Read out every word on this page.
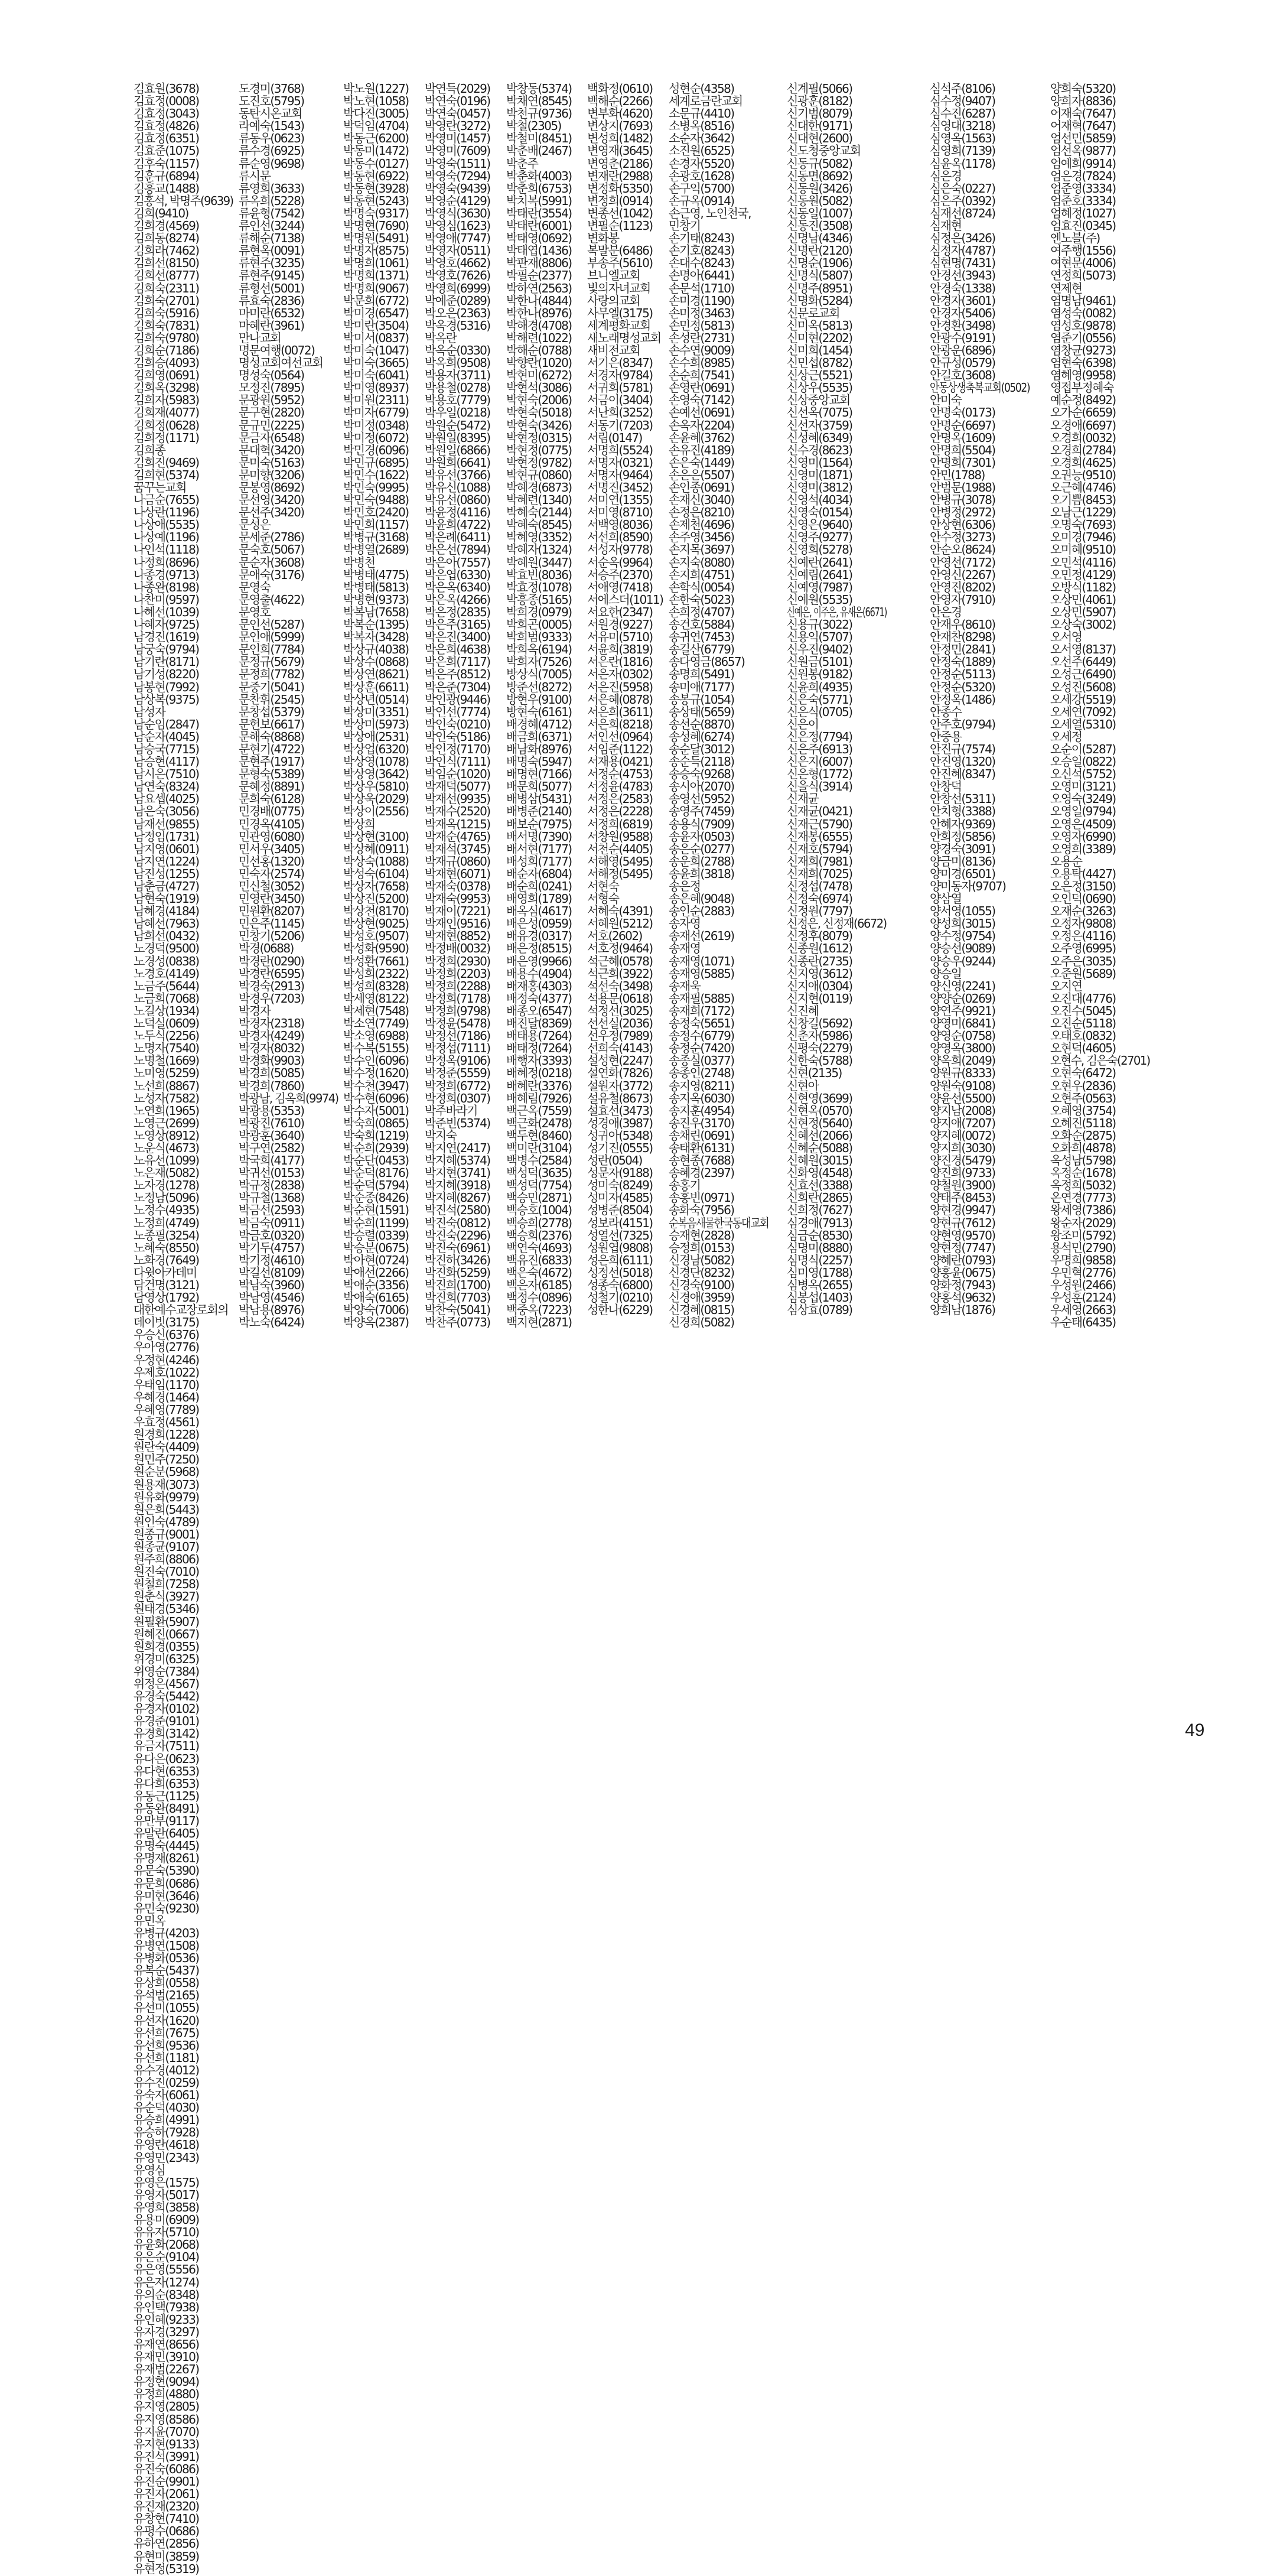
김효원(3678)
김효정(0008)
김효정(3043)
김효정(4826)
김효정(6351)
김효준(1075)
김후숙(1157)
김훈규(6894)
김흥교(1488)
김홍석, 박명주(9639)
김희(9410)
김희경(4569)
김희동(8274)
김희라(7462)
김희선(8150)
김희선(8777)
김희숙(2311)
김희숙(2701)
김희숙(5916)
김희숙(7831)
김희숙(9780)
김희순(7186)
김희승(4093)
김희영(0691)
김희옥(3298)
김희자(5983)
김희재(4077)
김희정(0628)
김희정(1171)
김희종
김희진(9469)
김희현(5374)
꿈꾸는교회
나금순(7655)
나상란(1196)
나상애(5535)
나상예(1196)
나인석(1118)
나정희(8696)
나종경(9713)
나종완(8198)
나찬미(9597)
나혜선(1039)
나혜자(9725)
남경진(1619)
남궁숙(9794)
남기란(8171)
남기성(8220)
남봉현(7992)
남상복(9375)
남성자
남순임(2847)
남순자(4045)
남승국(7715)
남승현(4117)
남시은(7510)
남연숙(8324)
남요셉(4025)
남은숙(3056)
남재선(9855)
남정임(1731)
남지영(0601)
남지연(1224)
남진성(1255)
남춘금(4727)
남현숙(1919)
남혜경(4184)
남혜선(7963)
남희선(0432)
노경덕(9500)
노경성(0838)
노경호(4149)
노금주(5644)
노금희(7068)
노길상(1934)
노덕실(0609)
노두식(2256)
노명자(7540)
노명철(1669)
노미영(5259)
노선희(8867)
노성자(7582)
노연희(1965)
노영근(2699)
노영상(8912)
노운식(4673)
노유선(1099)
노은재(5082)
노자경(1278)
노정남(5096)
노정수(4935)
노정희(4749)
노종필(3254)
노혜숙(8550)
노화경(7649)
다윗아카데미
담건명(3121)
담영상(1792)
대한예수교장로회의
데이빗(3175)
도경미(3768)
도진호(5795)
동탄시온교회
라예숙(1543)
류동우(0623)
류수경(6925)
류순영(9698)
류시문
류영희(3633)
류옥희(5228)
류윤형(7542)
류인선(3244)
류해순(7138)
류현옥(0091)
류현주(3235)
류현주(9145)
류형선(5001)
류효숙(2836)
마미란(6532)
마혜란(3961)
만나교회
명문여행(0072)
명성교회여선교회
명성숙(0564)
모정진(7895)
문광원(5952)
문구현(2820)
문규민(2225)
문금자(6548)
문대혁(3420)
문미숙(5163)
문미향(3206)
문봉영(8692)
문선영(3420)
문선주(3420)
문성은
문세준(2786)
문숙호(5067)
문순자(3608)
문애숙(3176)
문영숙
문영출(4622)
문영호
문인선(5287)
문인애(5999)
문인희(7784)
문정규(5679)
문정희(7782)
문중기(5041)
문찬휘(2545)
문창섭(5379)
문헌보(6617)
문해숙(8868)
문현기(4722)
문현주(1917)
문형숙(5389)
문혜정(8891)
문희숙(6128)
민경배(0775)
민경옥(4105)
민관영(6080)
민서우(3405)
민선홍(1320)
민숙자(2574)
민신철(3052)
민영란(3450)
민원환(8207)
민은주(1145)
민창기(5206)
박경(0688)
박경란(0290)
박경란(6595)
박경숙(2913)
박경우(7203)
박경자
박경자(2318)
박경자(4249)
박경자(8032)
박경화(9903)
박경희(5085)
박경희(7860)
박광남, 김옥희(9974)
박광용(5353)
박광진(7610)
박광훈(3640)
박구연(2582)
박국희(4177)
박귀선(0153)
박규정(2838)
박규철(1368)
박금선(2593)
박금숙(0911)
박금호(0320)
박기두(4757)
박기정(4610)
박길선(8109)
박남숙(3960)
박남영(4546)
박남용(8976)
박노숙(6424)
박노원(1227)
박노현(1058)
박다진(3005)
박덕임(4704)
박동근(6200)
박동미(1472)
박동수(0127)
박동현(6922)
박동현(3928)
박동현(5243)
박명숙(9317)
박명현(7690)
박명원(5491)
박명자(8575)
박명희(1061)
박명희(1371)
박명희(9067)
박문희(6772)
박미경(6547)
박미란(3504)
박미서(0837)
박미숙(1047)
박미숙(3665)
박미숙(6041)
박미영(8937)
박미원(2311)
박미자(6779)
박미정(0348)
박미정(6072)
박민경(6096)
박민규(6895)
박민수(1622)
박민숙(9995)
박민숙(9488)
박민호(2420)
박민희(1157)
박병규(3168)
박병열(2689)
박병천
박병태(4775)
박병태(5813)
박병현(9373)
박복남(7658)
박복순(1395)
박복자(3428)
박상규(4038)
박상수(0868)
박상연(8621)
박상훈(6611)
박상년(0514)
박상미(3351)
박상미(5973)
박상애(2531)
박상업(6320)
박상영(1078)
박상영(3642)
박상우(5810)
박상욱(2029)
박상이(2556)
박상희
박상현(3100)
박상혜(0911)
박상숙(1088)
박성숙(6104)
박상자(7658)
박상진(5200)
박상천(8170)
박상현(9025)
박성호(9507)
박성화(9590)
박성환(7661)
박성희(2322)
박성희(8328)
박세영(8122)
박세현(7548)
박소연(7749)
박소영(6988)
박수복(5155)
박수인(6096)
박수정(1620)
박수천(3947)
박수현(6096)
박수자(5001)
박숙희(0865)
박숙희(1219)
박순희(2939)
박순단(0453)
박순덕(8176)
박순덕(5794)
박순종(8426)
박순현(1591)
박순희(1199)
박승렬(0339)
박승분(0675)
박아현(0724)
박애선(2266)
박애순(3356)
박애숙(6165)
박양숙(7006)
박양옥(2387)
박연득(2029)
박연숙(0196)
박연숙(0457)
박영란(3272)
박영미(1457)
박영미(7609)
박영숙(1511)
박영숙(7294)
박영숙(9439)
박영순(4129)
박영식(3630)
박영심(1623)
박영애(7747)
박영자(0511)
박영호(4662)
박영호(7626)
박영희(6999)
박예준(0289)
박오은(2363)
박옥경(5316)
박옥란
박옥순(0330)
박옥희(9508)
박용자(3711)
박용철(0278)
박용호(7779)
박우일(0218)
박원순(5472)
박원일(8395)
박원일(6866)
박원희(6641)
박유선(3766)
박유신(1088)
박유선(0860)
박윤정(4116)
박윤희(4722)
박은례(6411)
박은선(7894)
박은아(7557)
박은엽(6330)
박은옥(6340)
박은옥(4266)
박은정(2835)
박은주(3165)
박은진(3400)
박은희(4638)
박은희(7117)
박은주(8512)
박은준(7304)
박인광(9446)
박인선(7774)
박인숙(0210)
박인숙(5186)
박인정(7170)
박인식(7111)
박임순(1020)
박재덕(5077)
박재선(9935)
박재수(2520)
박재옥(1215)
박재순(4765)
박재석(3745)
박재규(0860)
박재현(6071)
박재숙(0378)
박재숙(9953)
박재이(7221)
박재인(9516)
박재현(8852)
박정배(0032)
박정희(2930)
박정희(2203)
박정희(2288)
박정희(7178)
박정희(9798)
박정윤(5478)
박정선(7186)
박정섭(7111)
박정옥(9106)
박정준(5559)
박정희(6772)
박정희(0307)
박주바라기
박준빈(5374)
박지숙
박지연(2417)
박지혜(5374)
박지현(3741)
박지혜(3918)
박지혜(8267)
박진석(2580)
박진숙(0812)
박진숙(2296)
박진숙(6961)
박진하(3426)
박진화(5259)
박진희(1700)
박진희(7703)
박찬숙(5041)
박찬주(0773)
박창동(5374)
박채연(8545)
박천규(9736)
박철(2305)
박철미(8451)
박춘배(2467)
박춘주
박춘화(4003)
박춘희(6753)
박치복(5991)
박태란(3554)
박태란(6001)
박태영(0692)
박태엽(1436)
박판재(8806)
박필순(2377)
박하연(2563)
박한나(4844)
박한나(8976)
박해경(4708)
박해련(1022)
박해순(0788)
박향란(1020)
박현미(6272)
박현석(3086)
박현숙(2006)
박현숙(5018)
박현숙(3426)
박현정(0315)
박현정(0775)
박현정(9782)
박현규(0860)
박혜경(6873)
박혜련(1340)
박혜숙(2144)
박혜숙(8545)
박혜영(3352)
박혜자(1324)
박혜원(3447)
박효빈(8036)
박효정(1078)
박흥종(5165)
박희경(0979)
박희곤(0005)
박희범(9333)
박희옥(6194)
박희자(7526)
방상식(7005)
방준선(8272)
방현우(9100)
방현숙(6161)
배경혜(4712)
배금희(6371)
배남화(8976)
배명숙(5947)
배명현(7166)
배문희(5077)
배병삼(5431)
배병준(2140)
배보순(7975)
배서명(7390)
배서현(7177)
배성희(7177)
배순자(6804)
배순희(0241)
배영희(1789)
배옥심(4617)
배은성(0959)
배유경(0317)
배은정(8515)
배은영(9966)
배용수(4904)
배재홍(4303)
배정숙(4377)
배종오(6547)
배진달(8369)
배태용(7264)
배태정(7264)
배행자(3393)
배혜정(0218)
배혜란(3376)
배혜림(7926)
백근옥(7559)
백근화(2478)
백두현(8460)
백미란(3104)
백병수(2584)
백성덕(3635)
백성덕(7754)
백승민(2871)
백승호(1004)
백승희(2778)
백승희(2376)
백연숙(4693)
백유진(6833)
백은숙(4672)
백은자(6185)
백정수(0896)
백중옥(7223)
백지현(2871)
백화정(0610)
백해순(2266)
변부화(4620)
변상지(7693)
변성희(1482)
변영재(3645)
변영춘(2186)
변재란(2988)
변정화(5350)
변정희(0914)
변종선(1042)
변필순(1123)
변화봉
복말분(6486)
부송주(5610)
브니엘교회
빛의자녀교회
사랑의교회
사무엘(3175)
세계평화교회
새노래명성교회
새비전교회
서기은(8347)
서경자(9784)
서귀희(5781)
서금이(3404)
서난희(3252)
서동기(7203)
서림(0147)
서명희(5524)
서명자(0321)
서명자(9464)
서명진(3452)
서미연(1355)
서미영(8710)
서백영(8036)
서선희(8590)
서성자(9778)
서순옥(9964)
서승주(2370)
서애영(7418)
서에스더(1011)
서요한(2347)
서원경(9227)
서유미(5710)
서윤희(3819)
서은란(1816)
서은자(0302)
서은진(5958)
서은혜(0878)
서은희(3611)
서은희(8218)
서인선(0964)
서임준(1122)
서재용(0421)
서정순(4753)
서정윤(4783)
서정은(2583)
서정은(2228)
서정희(6819)
서창원(9588)
서천순(4405)
서해영(5495)
서해정(5495)
서현숙
서형숙
서혜숙(4391)
서혜원(5212)
서호(2602)
서호정(9464)
석근혜(0578)
석근희(3922)
석선숙(3498)
석용문(0618)
석정선(3025)
선선실(2036)
선우정(7989)
선희숙(4143)
설성현(2247)
설연화(7826)
설원자(3772)
설유철(8673)
설효선(3473)
성경애(3987)
성귀아(5348)
성기진(0555)
성란(0504)
성문자(9188)
성미숙(8249)
성미자(4585)
성병준(8504)
성보라(4151)
성열선(7325)
성원엽(9808)
성은희(6111)
성정선(5018)
성종숙(6800)
성철기(0210)
성한나(6229)
성현순(4358)
세계로금란교회
소문규(4410)
소병옥(8516)
소순자(3642)
소진원(6525)
손경자(5520)
손광호(1628)
손구익(5700)
손규옥(0914)
손근영, 노인천국,
민창기
손기태(8243)
손기호(8243)
손대수(8243)
손명아(6441)
손문석(1710)
손미경(1190)
손미정(3463)
손민정(5813)
손성란(2731)
손수연(9009)
손수희(8985)
손순희(7541)
손영란(0691)
손영숙(7142)
손예선(0691)
손옥자(2204)
손윤혜(3762)
손유진(4189)
손은숙(1449)
손은은(5507)
손인종(0691)
손재신(3040)
손정은(8210)
손제천(4696)
손주영(3456)
손지목(3697)
손지숙(8080)
손지희(4751)
손학식(0054)
손한숙(5023)
손희정(4707)
송건호(5884)
송귀연(7453)
송길산(6779)
송다영금(8657)
송명희(5491)
송미애(7177)
송봉규(1054)
송상태(5659)
송선순(8870)
송성혜(6274)
송순달(3012)
송순득(2118)
송승숙(9268)
송시아(2070)
송영선(5952)
송영주(7459)
송용식(7909)
송윤자(0503)
송은순(0277)
송운희(2788)
송윤희(3818)
송은정
송은혜(9048)
송인순(2883)
송자영
송재선(2619)
송재영
송재영(1071)
송재영(5885)
송재욱
송재필(5885)
송재희(7172)
송정숙(5651)
송정수(6779)
송정순(7420)
송종실(0377)
송종인(2748)
송지영(8211)
송지옥(6030)
송지훈(4954)
송진우(3170)
송채린(0691)
송태환(6131)
송현종(7688)
송혜경(2397)
송홍기
송홍빈(0971)
송화숙(7956)
순복음새물한국동대교회
승재현(2828)
승정희(0153)
신경남(5082)
신경단(8232)
신경숙(9100)
신경애(3959)
신경혜(0815)
신경희(5082)
신계필(5066)
신광훈(8182)
신기범(8079)
신대한(9171)
신대현(2600)
신도청중앙교회
신동규(5082)
신동면(8692)
신동원(3426)
신동원(5082)
신동일(1007)
신동진(3508)
신명남(4346)
신명란(2120)
신명순(1906)
신명식(5807)
신명주(8951)
신명화(5284)
신문로교회
신미옥(5813)
신미현(2202)
신미희(1454)
신민섭(8782)
신상근(5521)
신상우(5535)
신상중앙교회
신선옥(7075)
신선자(3759)
신성혜(6349)
신수경(8623)
신영미(1564)
신영미(1871)
신영미(3812)
신영석(4034)
신영숙(0154)
신영은(9640)
신영주(9277)
신영희(5278)
신예란(2641)
신예림(2641)
신예영(7987)
신예원(5535)
신예은, 이주은, 유새은(6671)
신용규(3022)
신용익(5707)
신우진(9402)
신원금(5101)
신원봉(9182)
신윤희(4935)
신은숙(5771)
신은식(0705)
신은이
신은정(7794)
신은주(6913)
신은지(6007)
신은형(1772)
신을식(3914)
신재균
신재균(0421)
신재근(5790)
신재봉(6555)
신재호(5794)
신재희(7981)
신재희(7025)
신정섭(7478)
신정숙(6974)
신정원(7797)
신정은, 신정재(6672)
신정후(8079)
신종원(1612)
신종란(2735)
신지영(3612)
신지애(0304)
신지현(0119)
신진혜
신창길(5692)
신춘자(5986)
신평숙(2279)
신한숙(5788)
신현(2135)
신현아
신현영(3699)
신현옥(0570)
신현정(5640)
신혜선(2066)
신혜순(5088)
신혜원(3015)
신화영(4548)
신효선(3388)
신희란(2865)
신희정(7627)
심경애(7913)
심금순(8530)
심명미(8880)
심명식(2257)
심미영(1788)
심병옥(2655)
심봉섭(1403)
심상효(0789)
심석주(8106)
심수정(9407)
심수진(6287)
심영대(3218)
심영옥(1563)
심영희(7139)
심윤옥(1178)
심은경
심은숙(0227)
심은주(0392)
심재선(8724)
심재현
심정은(3426)
심정자(4787)
심현명(7431)
안경선(3943)
안경숙(1338)
안경자(3601)
안경자(5406)
안경환(3498)
안광수(9191)
안광운(6896)
안규성(0579)
안길호(3608)
안동상생축복교회(0502)
안미숙
안명숙(0173)
안명순(6697)
안명옥(1609)
안명희(5504)
안명희(7301)
안민(1788)
안범문(1988)
안병규(3078)
안병정(2972)
안상현(6306)
안수정(3273)
안순오(8624)
안영선(7172)
안영신(2267)
안영진(8202)
안영자(7910)
안은경
안재우(8610)
안재찬(8298)
안정민(2841)
안정숙(1889)
안정순(5113)
안정순(5320)
안정옥(1486)
안종수
안주호(9794)
안중용
안진규(7574)
안진영(1320)
안진혜(8347)
안창덕
안창선(5311)
안치형(3388)
안혜자(9369)
안희정(5856)
양경숙(3091)
양금미(8136)
양미경(6501)
양미동자(9707)
양삼열
양서영(1055)
양성희(3015)
양수정(9754)
양승선(9089)
양승우(9244)
양승일
양신영(2241)
양양순(0269)
양연주(9921)
양영미(6841)
양영순(0758)
양영옥(3800)
양옥희(2049)
양원규(8333)
양원숙(9108)
양윤선(5500)
양지남(2008)
양지애(7207)
양지혜(0072)
양지희(3030)
양진경(5479)
양진희(9733)
양철원(3900)
양태주(8453)
양현경(9947)
양현규(7612)
양현영(9570)
양현정(7747)
양혜란(0793)
양홍윤(0675)
양화정(7943)
양홍석(9632)
양희남(1876)
양희숙(5320)
양희자(8836)
어재숙(7647)
어재혁(7647)
엄선민(5859)
엄선옥(9877)
엄예희(9914)
엄은경(7824)
엄준영(3334)
엄준호(3334)
엄혜정(1027)
엄효진(0345)
엔노블(주)
여주행(1556)
여현문(4006)
연정희(5073)
연제현
염명남(9461)
염성숙(0082)
염성호(9878)
염준기(0556)
염창균(9273)
염현숙(6398)
염혜영(9958)
영접부정혜숙
예순정(8492)
오가순(6659)
오경애(6697)
오경희(0032)
오경희(2784)
오경희(4625)
오권능(9510)
오근혜(4746)
오기쁨(8453)
오남근(1229)
오명숙(7693)
오미경(7946)
오미혜(9510)
오민석(4116)
오민정(4129)
오방식(1182)
오상민(4061)
오상민(5907)
오상숙(3002)
오서영
오서영(8137)
오선주(6449)
오성근(6490)
오성진(5608)
오세강(5519)
오세연(7092)
오세열(5310)
오세정
오순이(5287)
오승일(0822)
오신석(5752)
오영미(3121)
오영숙(3249)
오영일(9794)
오영은(4509)
오영자(6990)
오영희(3389)
오용순
오용탁(4427)
오은정(3150)
오인덕(0690)
오재순(3263)
오정자(9808)
오정은(4116)
오주영(6995)
오주은(3035)
오준원(5689)
오지연
오진대(4776)
오진수(5045)
오진순(5118)
오태호(0832)
오현덕(4605)
오현수, 김은숙(2701)
오현숙(6472)
오현우(2836)
오현주(0563)
오혜영(3754)
오혜진(5118)
오화순(2875)
오화희(4878)
옥성남(5798)
옥정순(1678)
옥정희(5032)
온연경(7773)
왕세영(7386)
왕순자(2029)
왕조미(5792)
용석민(2790)
우명희(9858)
우민혁(2776)
우성원(2466)
우성훈(2124)
우세영(2663)
우순태(6435)
우승신(6376)
우아영(2776)
우정현(4246)
우제호(1022)
우태임(1170)
우혜경(1464)
우혜영(7789)
우효정(4561)
원경희(1228)
원란숙(4409)
원민주(7250)
원순분(5968)
원용재(3073)
원유화(9979)
원은희(5443)
원인숙(4789)
원종규(9001)
원종균(9107)
원주희(8806)
원진숙(7010)
원철희(7258)
원춘식(3927)
원태경(5346)
원필환(5907)
원혜진(0667)
원희경(0355)
위경미(6325)
위영순(7384)
위정은(4567)
유경숙(5442)
유경자(0102)
유경준(9101)
유경희(3142)
유금자(7511)
유다은(0623)
유다현(6353)
유다희(6353)
유동근(1125)
유동완(8491)
유만부(9117)
유말란(6405)
유명숙(4445)
유명재(8261)
유문숙(5390)
유문희(0686)
유미현(3646)
유민숙(9230)
유민옥
유병규(4203)
유병연(1508)
유병화(0536)
유복순(5437)
유상희(0558)
유석범(2165)
유선미(1055)
유선자(1620)
유선희(7675)
유선희(9536)
유선희(1181)
유수경(4012)
유수진(0259)
유숙자(6061)
유순덕(4030)
유승희(4991)
유승하(7928)
유영란(4618)
유영민(2343)
유영심
유영은(1575)
유영자(5017)
유영희(3858)
유용미(6909)
유유자(5710)
유윤화(2068)
유은순(9104)
유은영(5556)
유은자(1274)
유의순(8348)
유인택(7938)
유인혜(9233)
유자경(3297)
유재연(8656)
유재민(3910)
유재범(2267)
유정현(9094)
유정희(4880)
유지영(2805)
유지영(8586)
유지윤(7070)
유지현(9133)
유진석(3991)
유진숙(6086)
유진순(9901)
유진자(2061)
유진재(2320)
유창현(7410)
유평수(0686)
유하연(2856)
유현미(3859)
유현정(5319)
49
